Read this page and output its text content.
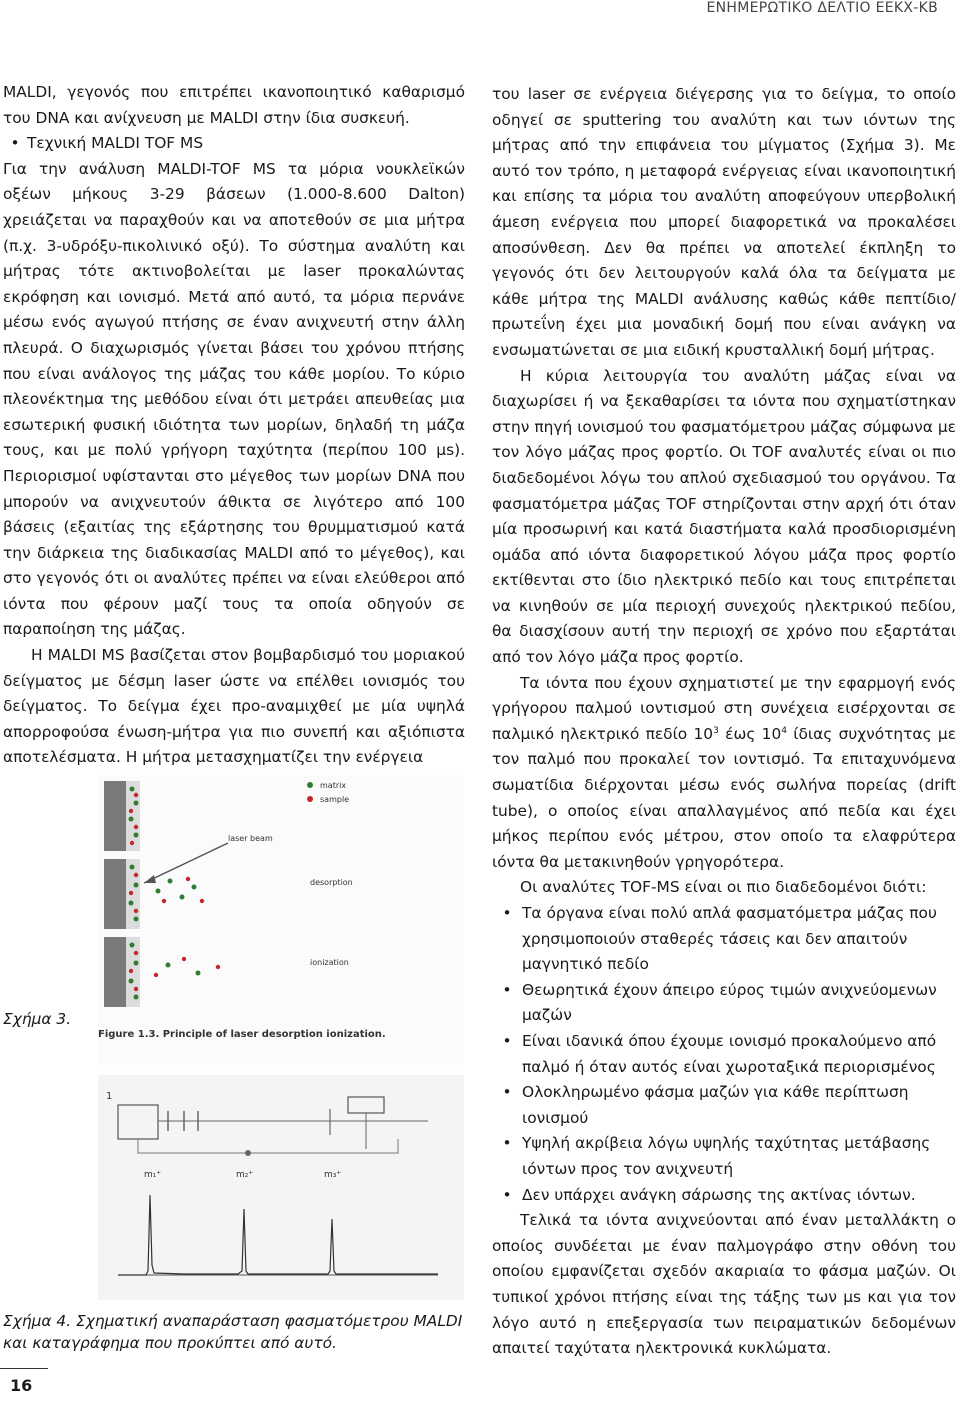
ΕΝΗΜΕΡΩΤΙΚΟ ΔΕΛΤΙΟ ΕΕΚΧ-ΚΒ

MALDI, γεγονός που επιτρέπει ικανοποιητικό καθαρισμό του DNA και ανίχνευση με MALDI στην ίδια συσκευή.

• Τεχνική MALDI TOF MS

Για την ανάλυση MALDI-TOF MS τα μόρια νουκλεϊκών οξέων μήκους 3-29 βάσεων (1.000-8.600 Dalton) χρειάζεται να παραχθούν και να αποτεθούν σε μια μήτρα (π.χ. 3-υδρόξυ-πικολινικό οξύ). Το σύστημα αναλύτη και μήτρας τότε ακτινοβολείται με laser προκαλώντας εκρόφηση και ιονισμό. Μετά από αυτό, τα μόρια περνάνε μέσω ενός αγωγού πτήσης σε έναν ανιχνευτή στην άλλη πλευρά. Ο διαχωρισμός γίνεται βάσει του χρόνου πτήσης που είναι ανάλογος της μάζας του κάθε μορίου. Το κύριο πλεονέκτημα της μεθόδου είναι ότι μετράει απευθείας μια εσωτερική φυσική ιδιότητα των μορίων, δηλαδή τη μάζα τους, και με πολύ γρήγορη ταχύτητα (περίπου 100 μs). Περιορισμοί υφίστανται στο μέγεθος των μορίων DNA που μπορούν να ανιχνευτούν άθικτα σε λιγότερο από 100 βάσεις (εξαιτίας της εξάρτησης του θρυμματισμού κατά την διάρκεια της διαδικασίας MALDI από το μέγεθος), και στο γεγονός ότι οι αναλύτες πρέπει να είναι ελεύθεροι από ιόντα που φέρουν μαζί τους τα οποία οδηγούν σε παραποίηση της μάζας.

Η MALDI MS βασίζεται στον βομβαρδισμό του μοριακού δείγματος με δέσμη laser ώστε να επέλθει ιονισμός του δείγματος. Το δείγμα έχει προ-αναμιχθεί με μία υψηλά απορροφούσα ένωση-μήτρα για πιο συνεπή και αξιόπιστα αποτελέσματα. Η μήτρα μετασχηματίζει την ενέργεια

matrix
sample
laser beam
desorption
ionization
Figure 1.3. Principle of laser desorption ionization.
Σχήμα 3.
1
m₁⁺	m₂⁺	m₃⁺
Σχήμα 4. Σχηματική αναπαράσταση φασματόμετρου MALDI και καταγράφημα που προκύπτει από αυτό.

του laser σε ενέργεια διέγερσης για το δείγμα, το οποίο οδηγεί σε sputtering του αναλύτη και των ιόντων της μήτρας από την επιφάνεια του μίγματος (Σχήμα 3). Με αυτό τον τρόπο, η μεταφορά ενέργειας είναι ικανοποιητική και επίσης τα μόρια του αναλύτη αποφεύγουν υπερβολική άμεση ενέργεια που μπορεί διαφορετικά να προκαλέσει αποσύνθεση. Δεν θα πρέπει να αποτελεί έκπληξη το γεγονός ότι δεν λειτουργούν καλά όλα τα δείγματα με κάθε μήτρα της MALDI ανάλυσης καθώς κάθε πεπτίδιο/πρωτεΐνη έχει μια μοναδική δομή που είναι ανάγκη να ενσωματώνεται σε μια ειδική κρυσταλλική δομή μήτρας.

Η κύρια λειτουργία του αναλύτη μάζας είναι να διαχωρίσει ή να ξεκαθαρίσει τα ιόντα που σχηματίστηκαν στην πηγή ιονισμού του φασματόμετρου μάζας σύμφωνα με τον λόγο μάζας προς φορτίο. Οι TOF αναλυτές είναι οι πιο διαδεδομένοι λόγω του απλού σχεδιασμού του οργάνου. Τα φασματόμετρα μάζας TOF στηρίζονται στην αρχή ότι όταν μία προσωρινή και κατά διαστήματα καλά προσδιορισμένη ομάδα από ιόντα διαφορετικού λόγου μάζα προς φορτίο εκτίθενται στο ίδιο ηλεκτρικό πεδίο και τους επιτρέπεται να κινηθούν σε μία περιοχή συνεχούς ηλεκτρικού πεδίου, θα διασχίσουν αυτή την περιοχή σε χρόνο που εξαρτάται από τον λόγο μάζα προς φορτίο.

Τα ιόντα που έχουν σχηματιστεί με την εφαρμογή ενός γρήγορου παλμού ιοντισμού στη συνέχεια εισέρχονται σε παλμικό ηλεκτρικό πεδίο $10^3$ έως $10^4$ ίδιας συχνότητας με τον παλμό που προκαλεί τον ιοντισμό. Τα επιταχυνόμενα σωματίδια διέρχονται μέσω ενός σωλήνα πορείας (drift tube), ο οποίος είναι απαλλαγμένος από πεδία και έχει μήκος περίπου ενός μέτρου, στον οποίο τα ελαφρύτερα ιόντα θα μετακινηθούν γρηγορότερα.

Οι αναλύτες TOF-MS είναι οι πιο διαδεδομένοι διότι:

• Τα όργανα είναι πολύ απλά φασματόμετρα μάζας που χρησιμοποιούν σταθερές τάσεις και δεν απαιτούν μαγνητικό πεδίο
• Θεωρητικά έχουν άπειρο εύρος τιμών ανιχνεύομενων μαζών
• Είναι ιδανικά όπου έχουμε ιονισμό προκαλούμενο από παλμό ή όταν αυτός είναι χωροταξικά περιορισμένος
• Ολοκληρωμένο φάσμα μαζών για κάθε περίπτωση ιονισμού
• Υψηλή ακρίβεια λόγω υψηλής ταχύτητας μετάβασης ιόντων προς τον ανιχνευτή
• Δεν υπάρχει ανάγκη σάρωσης της ακτίνας ιόντων.

Τελικά τα ιόντα ανιχνεύονται από έναν μεταλλάκτη ο οποίος συνδέεται με έναν παλμογράφο στην οθόνη του οποίου εμφανίζεται σχεδόν ακαριαία το φάσμα μαζών. Οι τυπικοί χρόνοι πτήσης είναι της τάξης των μs και για τον λόγο αυτό η επεξεργασία των πειραματικών δεδομένων απαιτεί ταχύτατα ηλεκτρονικά κυκλώματα.

16
